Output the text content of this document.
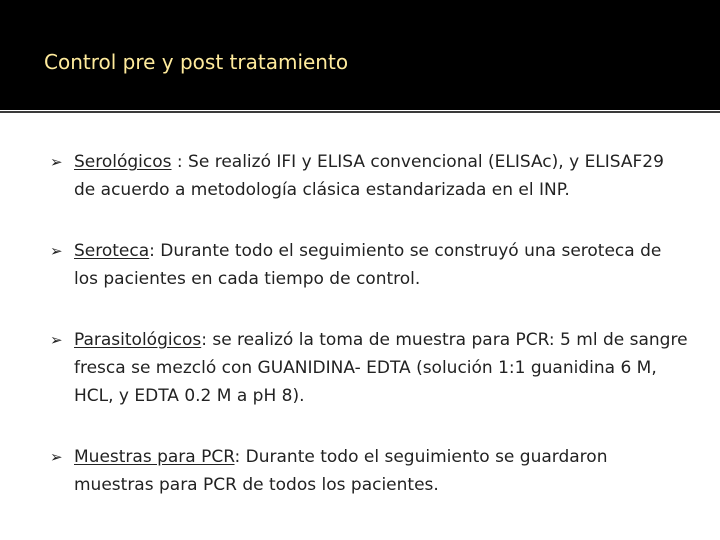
Control pre y post tratamiento
➢ Serológicos : Se realizó IFI y ELISA convencional (ELISAc), y ELISAF29 de acuerdo a metodología clásica estandarizada en el INP.
➢ Seroteca: Durante todo el seguimiento se construyó una seroteca de los pacientes en cada tiempo de control.
➢ Parasitológicos: se realizó la toma de muestra para PCR: 5 ml de sangre fresca se mezcló con GUANIDINA- EDTA (solución 1:1 guanidina 6 M, HCL, y EDTA 0.2 M a pH 8).
➢ Muestras para PCR: Durante todo el seguimiento se guardaron muestras para PCR de todos los pacientes.
